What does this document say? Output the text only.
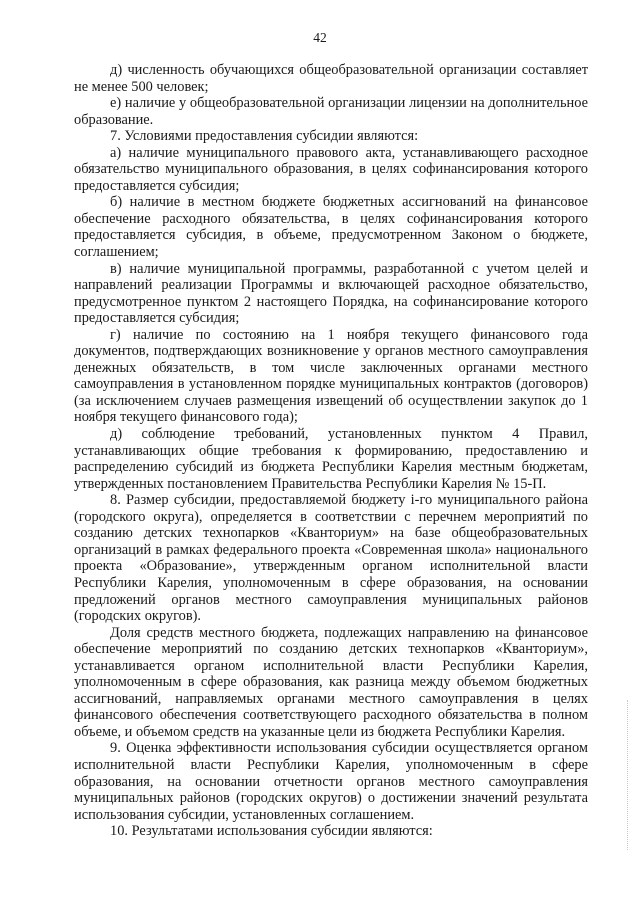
42

д) численность обучающихся общеобразовательной организации составляет не менее 500 человек;

е) наличие у общеобразовательной организации лицензии на дополнительное образование.

7. Условиями предоставления субсидии являются:

а) наличие муниципального правового акта, устанавливающего расходное обязательство муниципального образования, в целях софинансирования которого предоставляется субсидия;

б) наличие в местном бюджете бюджетных ассигнований на финансовое обеспечение расходного обязательства, в целях софинансирования которого предоставляется субсидия, в объеме, предусмотренном Законом о бюджете, соглашением;

в) наличие муниципальной программы, разработанной с учетом целей и направлений реализации Программы и включающей расходное обязательство, предусмотренное пунктом 2 настоящего Порядка, на софинансирование которого предоставляется субсидия;

г) наличие по состоянию на 1 ноября текущего финансового года документов, подтверждающих возникновение у органов местного самоуправления денежных обязательств, в том числе заключенных органами местного самоуправления в установленном порядке муниципальных контрактов (договоров) (за исключением случаев размещения извещений об осуществлении закупок до 1 ноября текущего финансового года);

д) соблюдение требований, установленных пунктом 4 Правил, устанавливающих общие требования к формированию, предоставлению и распределению субсидий из бюджета Республики Карелия местным бюджетам, утвержденных постановлением Правительства Республики Карелия № 15-П.

8. Размер субсидии, предоставляемой бюджету i-го муниципального района (городского округа), определяется в соответствии с перечнем мероприятий по созданию детских технопарков «Кванториум» на базе общеобразовательных организаций в рамках федерального проекта «Современная школа» национального проекта «Образование», утвержденным органом исполнительной власти Республики Карелия, уполномоченным в сфере образования, на основании предложений органов местного самоуправления муниципальных районов (городских округов).

Доля средств местного бюджета, подлежащих направлению на финансовое обеспечение мероприятий по созданию детских технопарков «Кванториум», устанавливается органом исполнительной власти Республики Карелия, уполномоченным в сфере образования, как разница между объемом бюджетных ассигнований, направляемых органами местного самоуправления в целях финансового обеспечения соответствующего расходного обязательства в полном объеме, и объемом средств на указанные цели из бюджета Республики Карелия.

9. Оценка эффективности использования субсидии осуществляется органом исполнительной власти Республики Карелия, уполномоченным в сфере образования, на основании отчетности органов местного самоуправления муниципальных районов (городских округов) о достижении значений результата использования субсидии, установленных соглашением.

10. Результатами использования субсидии являются:
